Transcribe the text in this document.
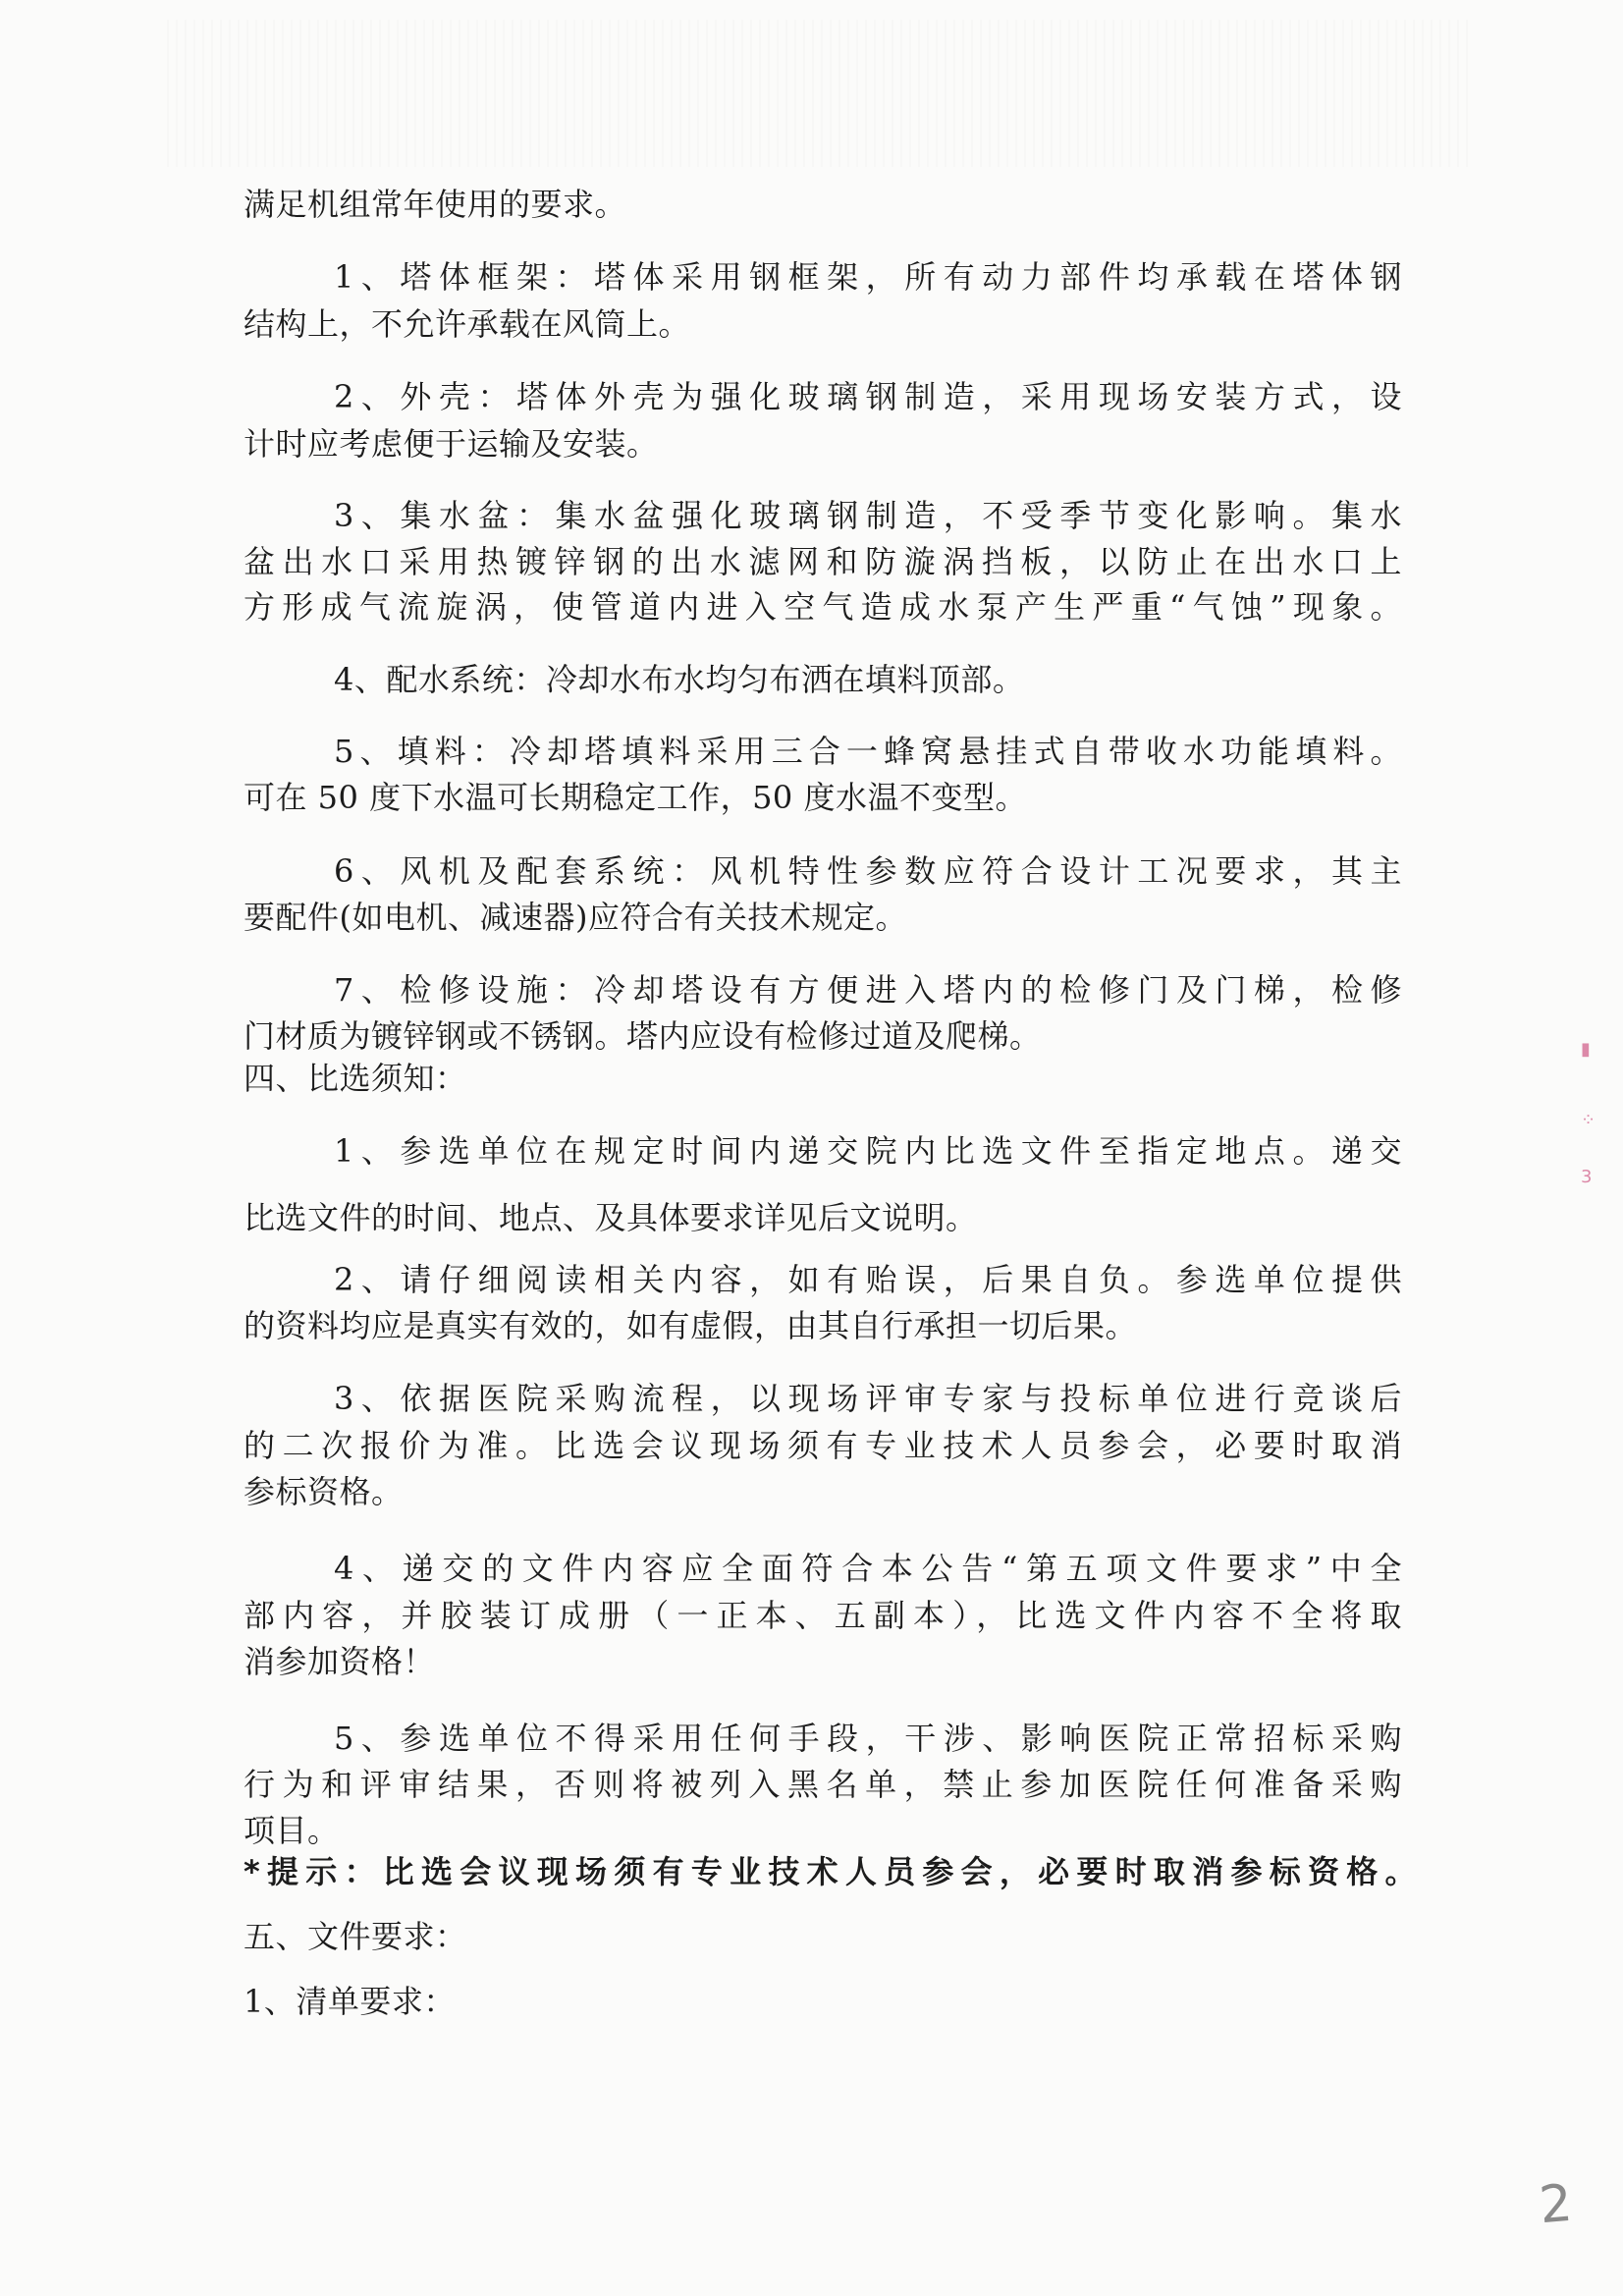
满足机组常年使用的要求。
1、塔体框架：塔体采用钢框架，所有动力部件均承载在塔体钢
结构上，不允许承载在风筒上。
2、外壳：塔体外壳为强化玻璃钢制造，采用现场安装方式，设
计时应考虑便于运输及安装。
3、集水盆：集水盆强化玻璃钢制造，不受季节变化影响。集水
盆出水口采用热镀锌钢的出水滤网和防漩涡挡板，以防止在出水口上
方形成气流旋涡，使管道内进入空气造成水泵产生严重“气蚀”现象。
4、配水系统：冷却水布水均匀布洒在填料顶部。
5、填料：冷却塔填料采用三合一蜂窝悬挂式自带收水功能填料。
可在 50 度下水温可长期稳定工作，50 度水温不变型。
6、风机及配套系统：风机特性参数应符合设计工况要求，其主
要配件(如电机、减速器)应符合有关技术规定。
7、检修设施：冷却塔设有方便进入塔内的检修门及门梯，检修
门材质为镀锌钢或不锈钢。塔内应设有检修过道及爬梯。
四、比选须知：
1、参选单位在规定时间内递交院内比选文件至指定地点。递交
比选文件的时间、地点、及具体要求详见后文说明。
2、请仔细阅读相关内容，如有贻误，后果自负。参选单位提供
的资料均应是真实有效的，如有虚假，由其自行承担一切后果。
3、依据医院采购流程，以现场评审专家与投标单位进行竞谈后
的二次报价为准。比选会议现场须有专业技术人员参会，必要时取消
参标资格。
4、递交的文件内容应全面符合本公告“第五项文件要求”中全
部内容，并胶装订成册（一正本、五副本），比选文件内容不全将取
消参加资格！
5、参选单位不得采用任何手段，干涉、影响医院正常招标采购
行为和评审结果，否则将被列入黑名单，禁止参加医院任何准备采购
项目。
*提示：比选会议现场须有专业技术人员参会，必要时取消参标资格。
五、文件要求：
1、清单要求：
▮
⁘
3
2
